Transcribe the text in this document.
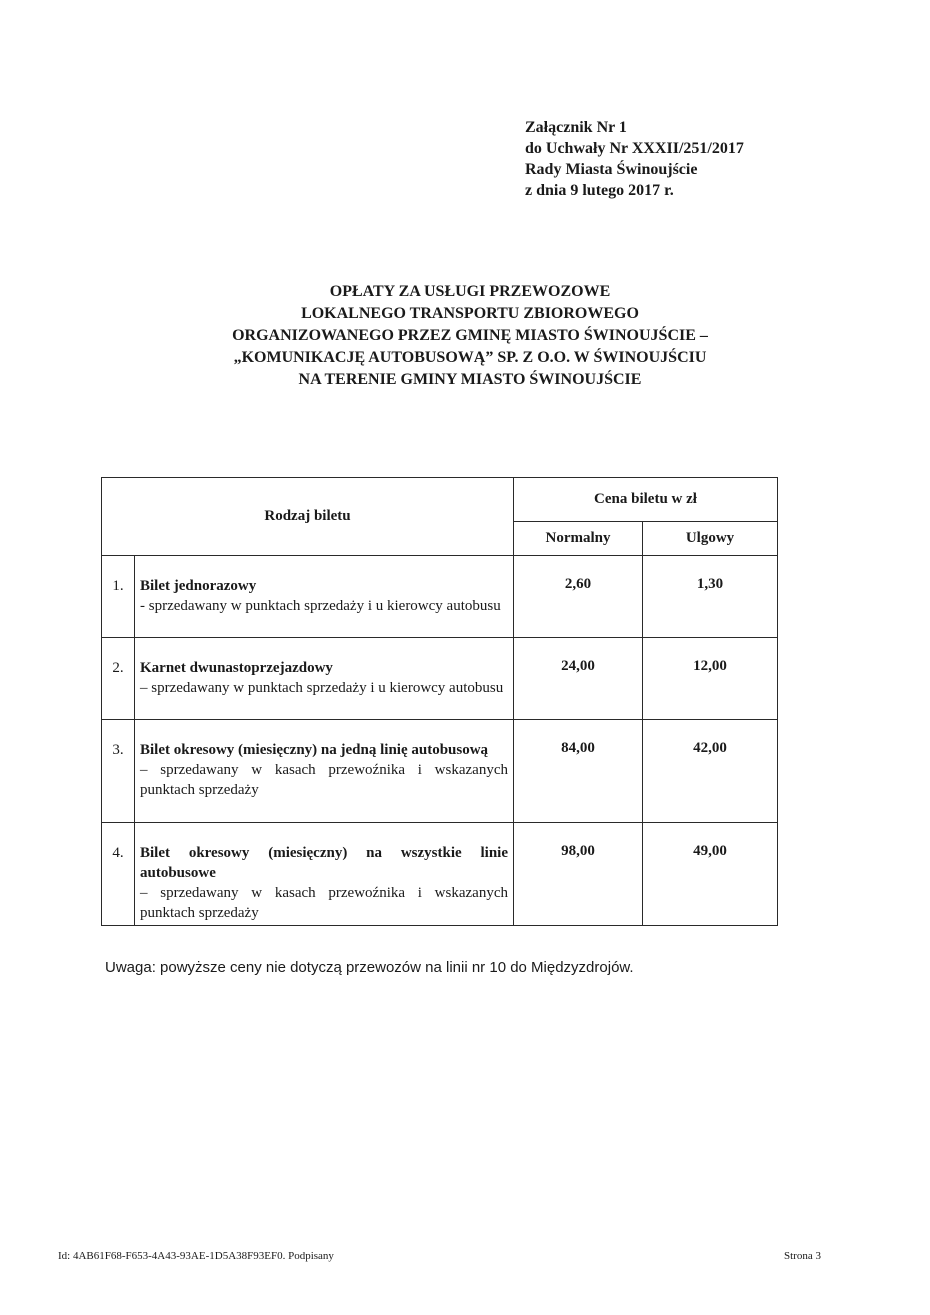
Załącznik Nr 1
do Uchwały Nr XXXII/251/2017
Rady Miasta Świnoujście
z dnia 9 lutego 2017 r.
OPŁATY ZA USŁUGI PRZEWOZOWE
LOKALNEGO TRANSPORTU ZBIOROWEGO
ORGANIZOWANEGO PRZEZ GMINĘ MIASTO ŚWINOUJŚCIE –
„KOMUNIKACJĘ AUTOBUSOWĄ” SP. Z O.O. W ŚWINOUJŚCIU
NA TERENIE GMINY MIASTO ŚWINOUJŚCIE
Rodzaj biletu		Cena biletu w zł	
		Normalny	Ulgowy
1.	Bilet jednorazowy
- sprzedawany w punktach sprzedaży i u kierowcy autobusu	2,60	1,30
2.	Karnet dwunastoprzejazdowy
– sprzedawany w punktach sprzedaży i u kierowcy autobusu	24,00	12,00
3.	Bilet okresowy (miesięczny) na jedną linię autobusową
– sprzedawany w kasach przewoźnika i wskazanych punktach sprzedaży	84,00	42,00
4.	Bilet okresowy (miesięczny) na wszystkie linie autobusowe
– sprzedawany w kasach przewoźnika i wskazanych punktach sprzedaży	98,00	49,00
Uwaga: powyższe ceny nie dotyczą przewozów na linii nr 10 do Międzyzdrojów.
Id: 4AB61F68-F653-4A43-93AE-1D5A38F93EF0. Podpisany	Strona 3
